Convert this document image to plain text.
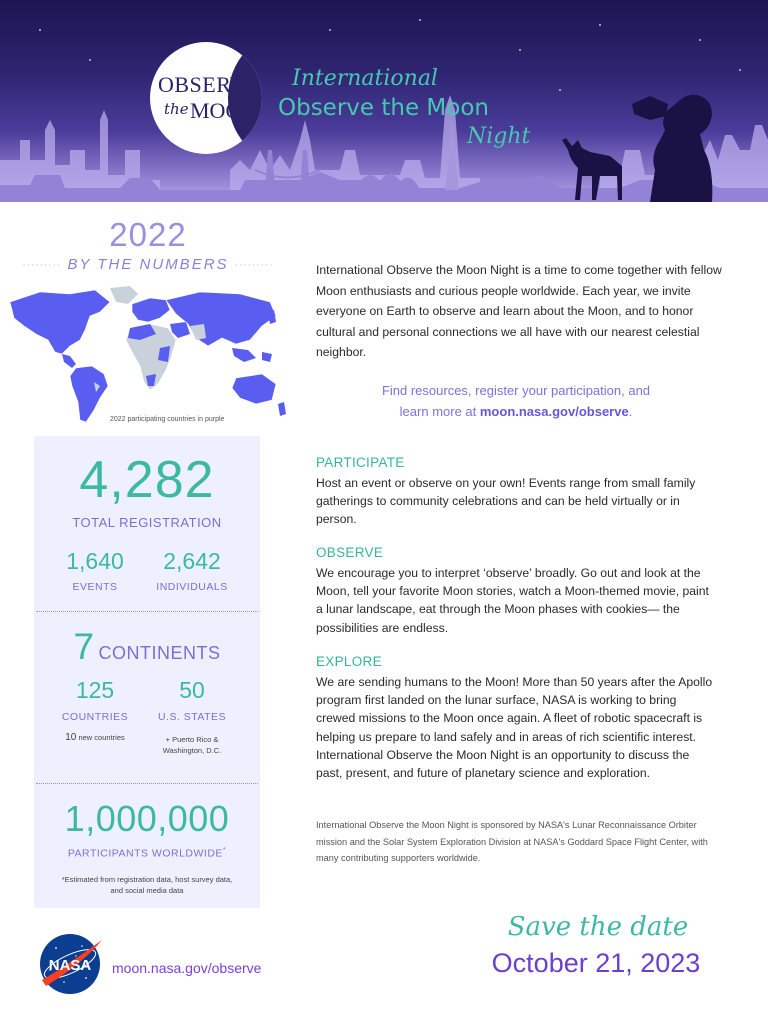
OBSERVE
the MOON
International
Observe the Moon
Night
2022
········· BY THE NUMBERS ·········
2022 participating countries in purple
4,282
TOTAL REGISTRATION
1,640	2,642
EVENTS	INDIVIDUALS
7 CONTINENTS
125	50
COUNTRIES	U.S. STATES
10 new countries	+ Puerto Rico &
Washington, D.C.
1,000,000
PARTICIPANTS WORLDWIDE*
*Estimated from registration data, host survey data,
and social media data

International Observe the Moon Night is a time to come together with fellow Moon enthusiasts and curious people worldwide. Each year, we invite everyone on Earth to observe and learn about the Moon, and to honor cultural and personal connections we all have with our nearest celestial neighbor.

Find resources, register your participation, and
learn more at moon.nasa.gov/observe.
PARTICIPATE

Host an event or observe on your own! Events range from small family gatherings to community celebrations and can be held virtually or in person.

OBSERVE

We encourage you to interpret ‘observe’ broadly. Go out and look at the Moon, tell your favorite Moon stories, watch a Moon-themed movie, paint a lunar landscape, eat through the Moon phases with cookies— the possibilities are endless.

EXPLORE

We are sending humans to the Moon! More than 50 years after the Apollo program first landed on the lunar surface, NASA is working to bring crewed missions to the Moon once again. A fleet of robotic spacecraft is helping us prepare to land safely and in areas of rich scientific interest. International Observe the Moon Night is an opportunity to discuss the past, present, and future of planetary science and exploration.

International Observe the Moon Night is sponsored by NASA's Lunar Reconnaissance Orbiter mission and the Solar System Exploration Division at NASA's Goddard Space Flight Center, with many contributing supporters worldwide.

NASA moon.nasa.gov/observe
Save the date
October 21, 2023
